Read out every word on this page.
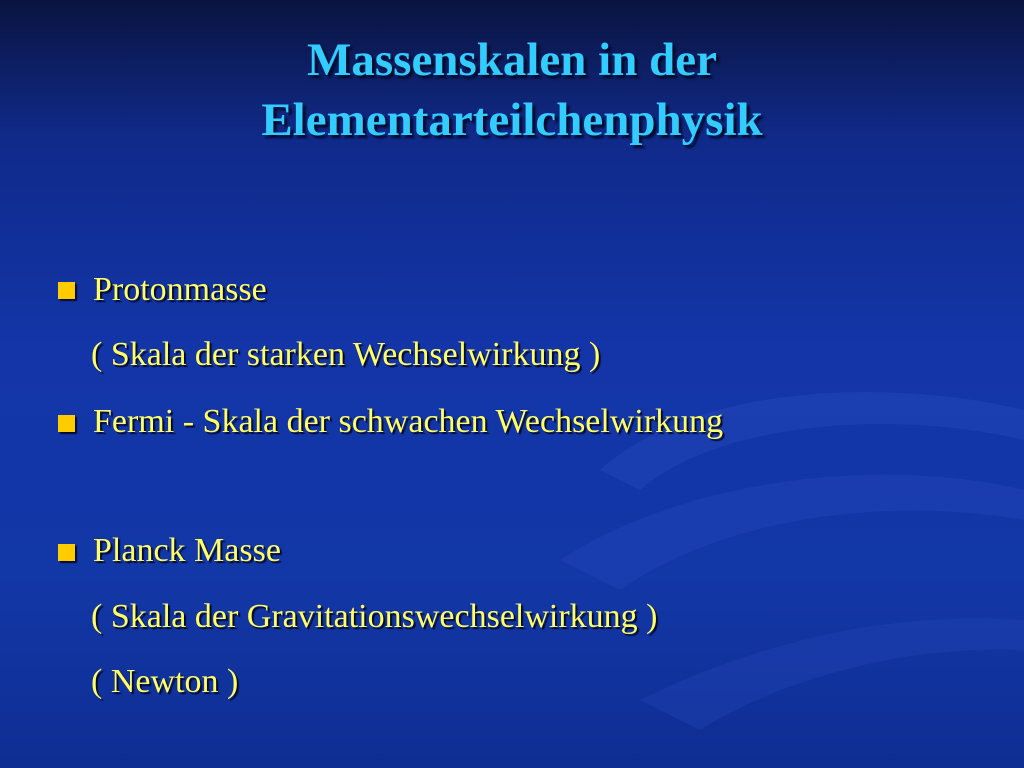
Massenskalen in der
Elementarteilchenphysik
Protonmasse
( Skala der starken Wechselwirkung )
Fermi - Skala der schwachen Wechselwirkung
Planck Masse
( Skala der Gravitationswechselwirkung )
( Newton )
